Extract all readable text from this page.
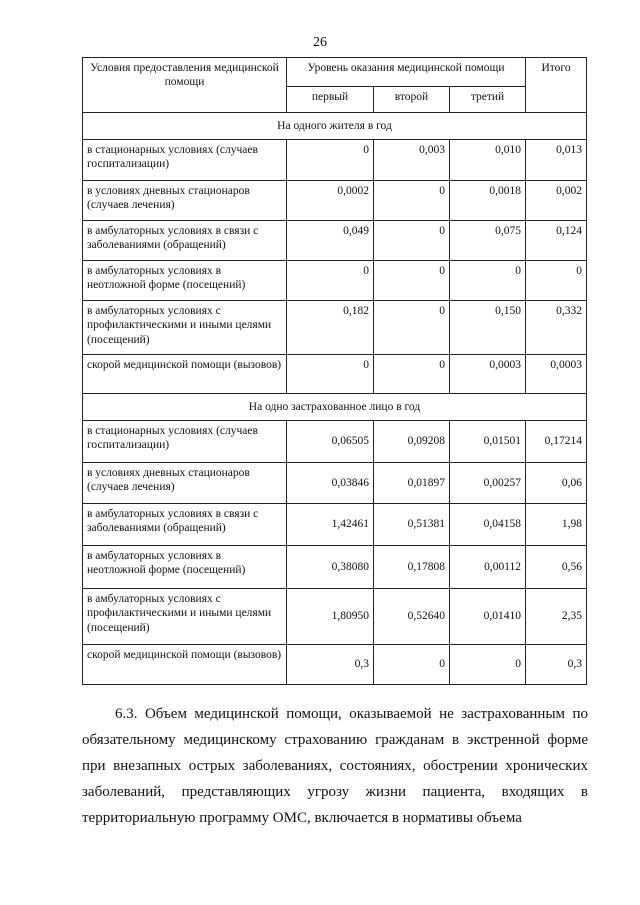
26
Условия предоставления медицинской помощи	Уровень оказания медицинской помощи			Итого
	первый	второй	третий	
На одного жителя в год				
в стационарных условиях (случаев госпитализации)	0	0,003	0,010	0,013
в условиях дневных стационаров (случаев лечения)	0,0002	0	0,0018	0,002
в амбулаторных условиях в связи с заболеваниями (обращений)	0,049	0	0,075	0,124
в амбулаторных условиях в неотложной форме (посещений)	0	0	0	0
в амбулаторных условиях с профилактическими и иными целями (посещений)	0,182	0	0,150	0,332
скорой медицинской помощи (вызовов)	0	0	0,0003	0,0003
На одно застрахованное лицо в год				
в стационарных условиях (случаев госпитализации)	0,06505	0,09208	0,01501	0,17214
в условиях дневных стационаров (случаев лечения)	0,03846	0,01897	0,00257	0,06
в амбулаторных условиях в связи с заболеваниями (обращений)	1,42461	0,51381	0,04158	1,98
в амбулаторных условиях в неотложной форме (посещений)	0,38080	0,17808	0,00112	0,56
в амбулаторных условиях с профилактическими и иными целями (посещений)	1,80950	0,52640	0,01410	2,35
скорой медицинской помощи (вызовов)	0,3	0	0	0,3

6.3. Объем медицинской помощи, оказываемой не застрахованным по обязательному медицинскому страхованию гражданам в экстренной форме при внезапных острых заболеваниях, состояниях, обострении хронических заболеваний, представляющих угрозу жизни пациента, входящих в территориальную программу ОМС, включается в нормативы объема
